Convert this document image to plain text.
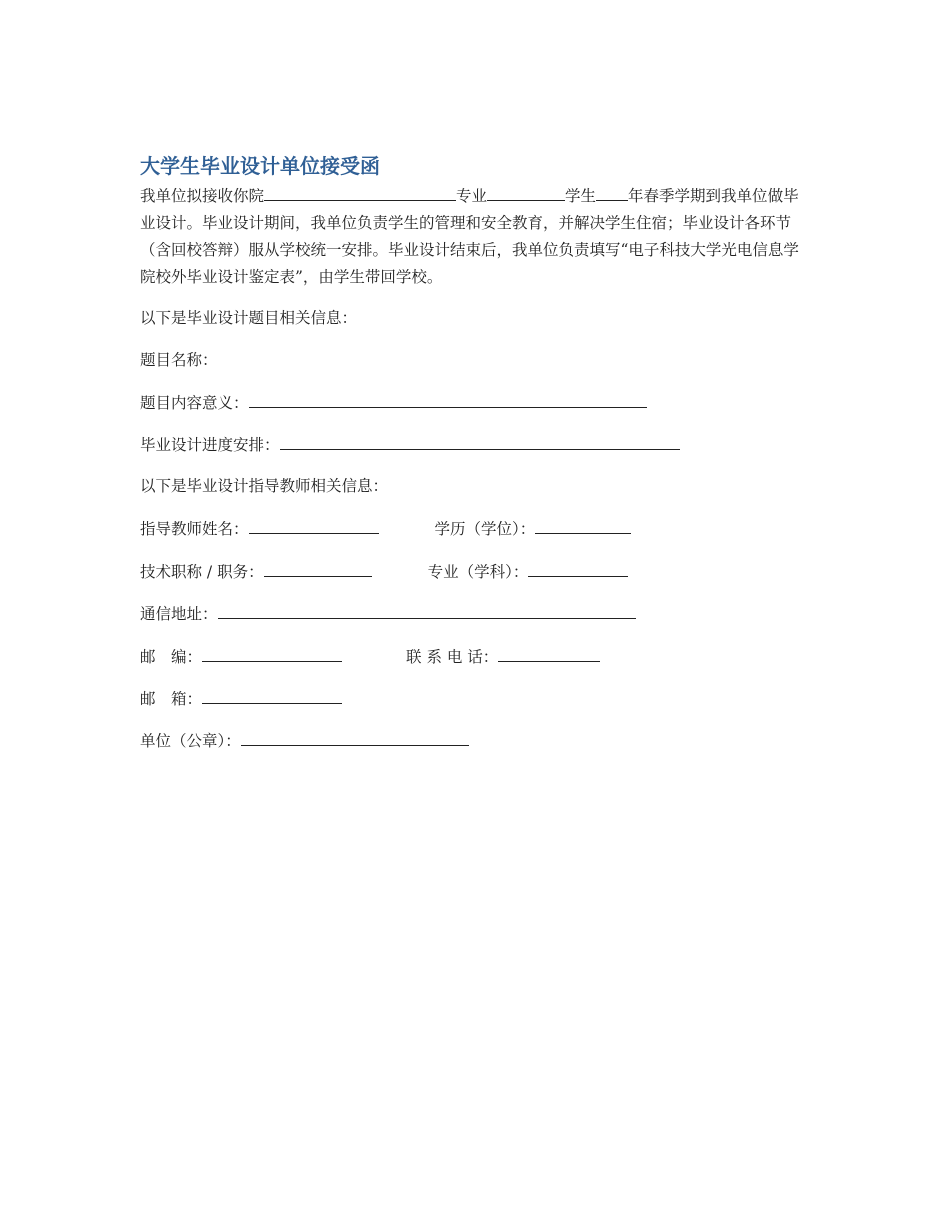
大学生毕业设计单位接受函

我单位拟接收你院	专业	学生 年春季学期到我单位做毕业设计。毕业设计期间，我单位负责学生的管理和安全教育，并解决学生住宿；毕业设计各环节（含回校答辩）服从学校统一安排。毕业设计结束后，我单位负责填写“电子科技大学光电信息学院校外毕业设计鉴定表”，由学生带回学校。

以下是毕业设计题目相关信息：

题目名称：

题目内容意义：

毕业设计进度安排：

以下是毕业设计指导教师相关信息：

指导教师姓名：	学历（学位）：

技术职称 / 职务：	专业（学科）：

通信地址：

邮　编：	联 系 电 话：

邮　箱：

单位（公章）：
